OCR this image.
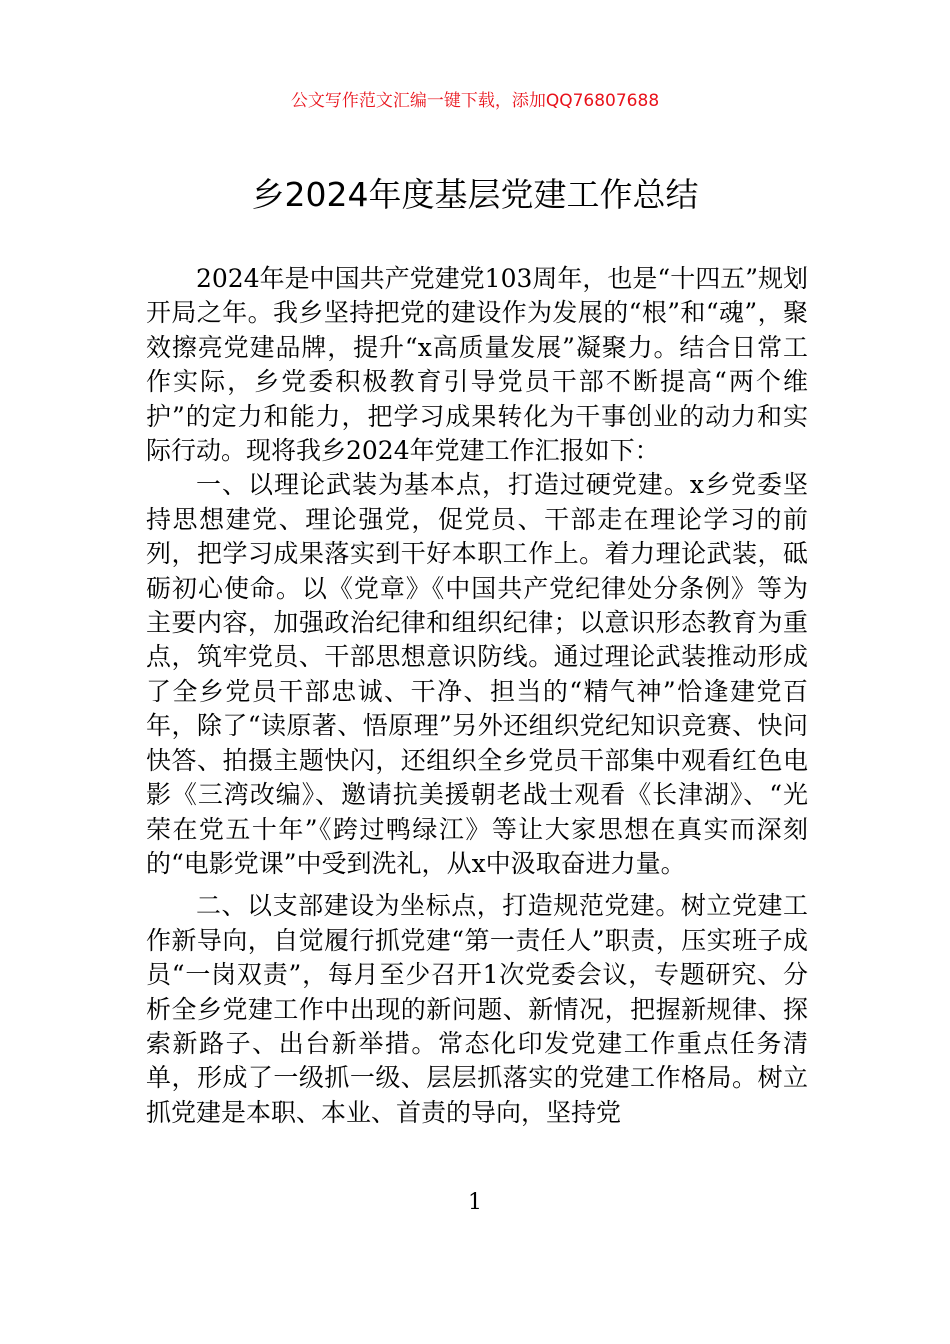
公文写作范文汇编一键下载，添加QQ76807688
乡2024年度基层党建工作总结

2024年是中国共产党建党103周年，也是“十四五”规划开局之年。我乡坚持把党的建设作为发展的“根”和“魂”，聚效擦亮党建品牌，提升“x高质量发展”凝聚力。结合日常工作实际，乡党委积极教育引导党员干部不断提高“两个维护”的定力和能力，把学习成果转化为干事创业的动力和实际行动。现将我乡2024年党建工作汇报如下：

一、以理论武装为基本点，打造过硬党建。x乡党委坚持思想建党、理论强党，促党员、干部走在理论学习的前列，把学习成果落实到干好本职工作上。着力理论武装，砥砺初心使命。以《党章》《中国共产党纪律处分条例》等为主要内容，加强政治纪律和组织纪律；以意识形态教育为重点，筑牢党员、干部思想意识防线。通过理论武装推动形成了全乡党员干部忠诚、干净、担当的“精气神”恰逢建党百年，除了“读原著、悟原理”另外还组织党纪知识竞赛、快问快答、拍摄主题快闪，还组织全乡党员干部集中观看红色电影《三湾改编》、邀请抗美援朝老战士观看《长津湖》、“光荣在党五十年”《跨过鸭绿江》等让大家思想在真实而深刻的“电影党课”中受到洗礼，从x中汲取奋进力量。

二、以支部建设为坐标点，打造规范党建。树立党建工作新导向，自觉履行抓党建“第一责任人”职责，压实班子成员“一岗双责”，每月至少召开1次党委会议，专题研究、分析全乡党建工作中出现的新问题、新情况，把握新规律、探索新路子、出台新举措。常态化印发党建工作重点任务清单，形成了一级抓一级、层层抓落实的党建工作格局。树立抓党建是本职、本业、首责的导向，坚持党

1
